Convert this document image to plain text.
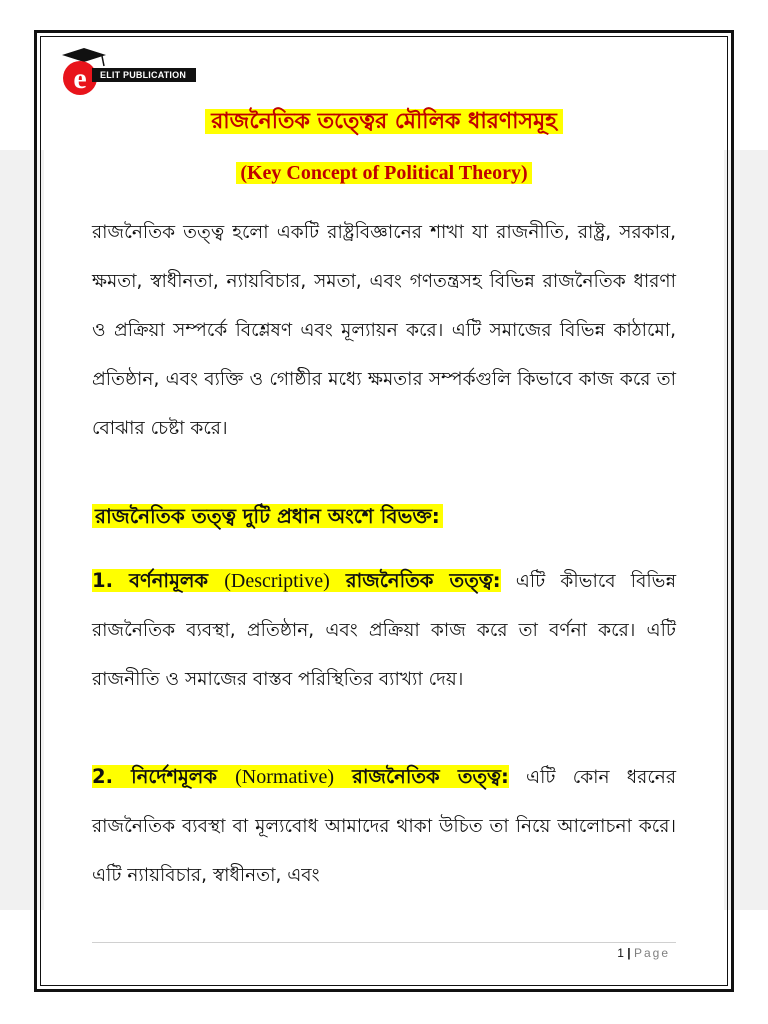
e	ELIT PUBLICATION
রাজনৈতিক তত্ত্বের মৌলিক ধারণাসমূহ
(Key Concept of Political Theory)

রাজনৈতিক তত্ত্ব হলো একটি রাষ্ট্রবিজ্ঞানের শাখা যা রাজনীতি, রাষ্ট্র, সরকার, ক্ষমতা, স্বাধীনতা, ন্যায়বিচার, সমতা, এবং গণতন্ত্রসহ বিভিন্ন রাজনৈতিক ধারণা ও প্রক্রিয়া সম্পর্কে বিশ্লেষণ এবং মূল্যায়ন করে। এটি সমাজের বিভিন্ন কাঠামো, প্রতিষ্ঠান, এবং ব্যক্তি ও গোষ্ঠীর মধ্যে ক্ষমতার সম্পর্কগুলি কিভাবে কাজ করে তা বোঝার চেষ্টা করে।

রাজনৈতিক তত্ত্ব দুটি প্রধান অংশে বিভক্ত:

1. বর্ণনামূলক (Descriptive) রাজনৈতিক তত্ত্ব: এটি কীভাবে বিভিন্ন রাজনৈতিক ব্যবস্থা, প্রতিষ্ঠান, এবং প্রক্রিয়া কাজ করে তা বর্ণনা করে। এটি রাজনীতি ও সমাজের বাস্তব পরিস্থিতির ব্যাখ্যা দেয়।

2. নির্দেশমূলক (Normative) রাজনৈতিক তত্ত্ব: এটি কোন ধরনের রাজনৈতিক ব্যবস্থা বা মূল্যবোধ আমাদের থাকা উচিত তা নিয়ে আলোচনা করে। এটি ন্যায়বিচার, স্বাধীনতা, এবং

1 | Page
